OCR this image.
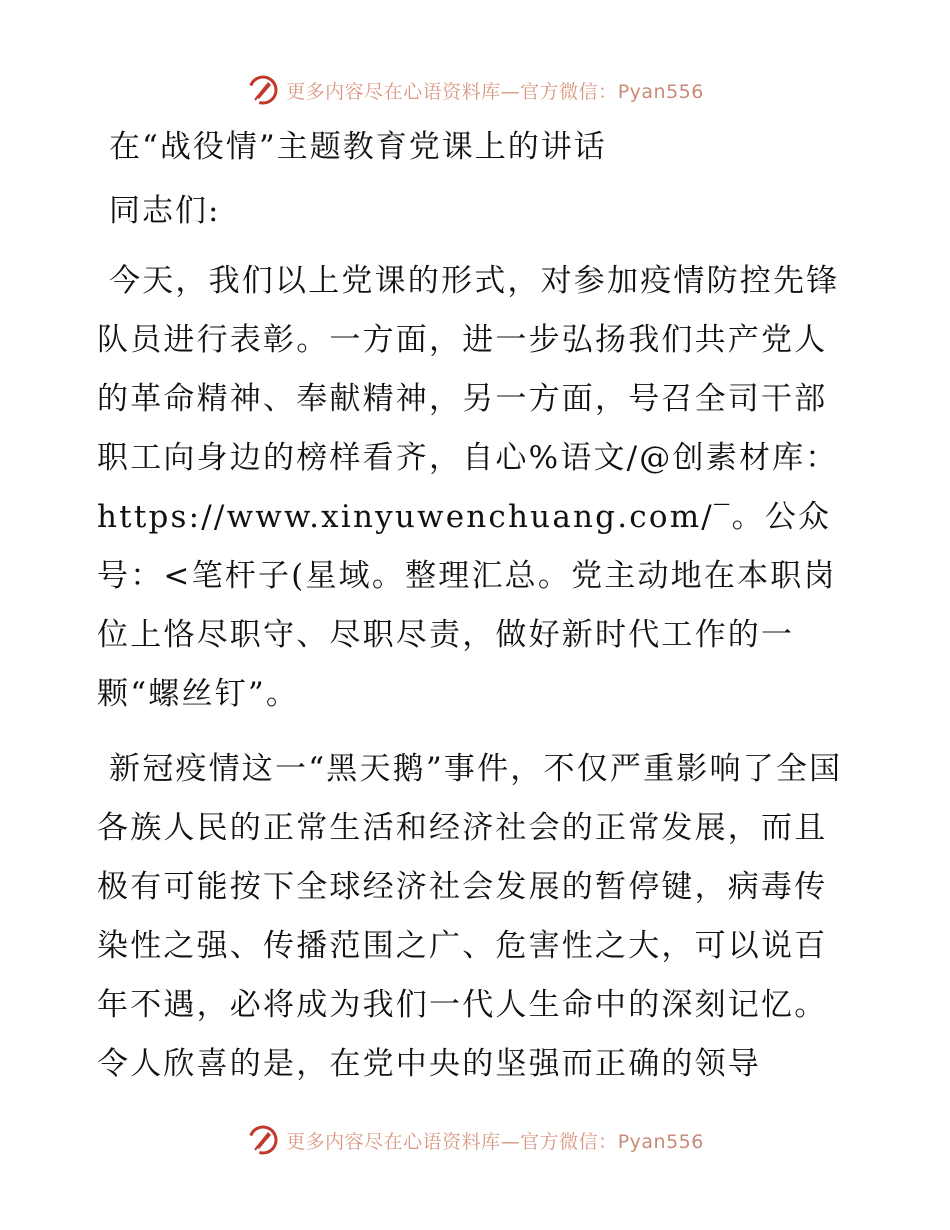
更多内容尽在心语资料库—官方微信：Pyan556
在“战役情”主题教育党课上的讲话

同志们:

今天，我们以上党课的形式，对参加疫情防控先锋队员进行表彰。一方面，进一步弘扬我们共产党人的革命精神、奉献精神，另一方面，号召全司干部职工向身边的榜样看齐，自心%语文/@创素材库：https://www.xinyuwenchuang.com/‾。公众号：<笔杆子(星域。整理汇总。党主动地在本职岗位上恪尽职守、尽职尽责，做好新时代工作的一颗“螺丝钉”。

新冠疫情这一“黑天鹅”事件，不仅严重影响了全国各族人民的正常生活和经济社会的正常发展，而且极有可能按下全球经济社会发展的暂停键，病毒传染性之强、传播范围之广、危害性之大，可以说百年不遇，必将成为我们一代人生命中的深刻记忆。令人欣喜的是，在党中央的坚强而正确的领导

更多内容尽在心语资料库—官方微信：Pyan556
